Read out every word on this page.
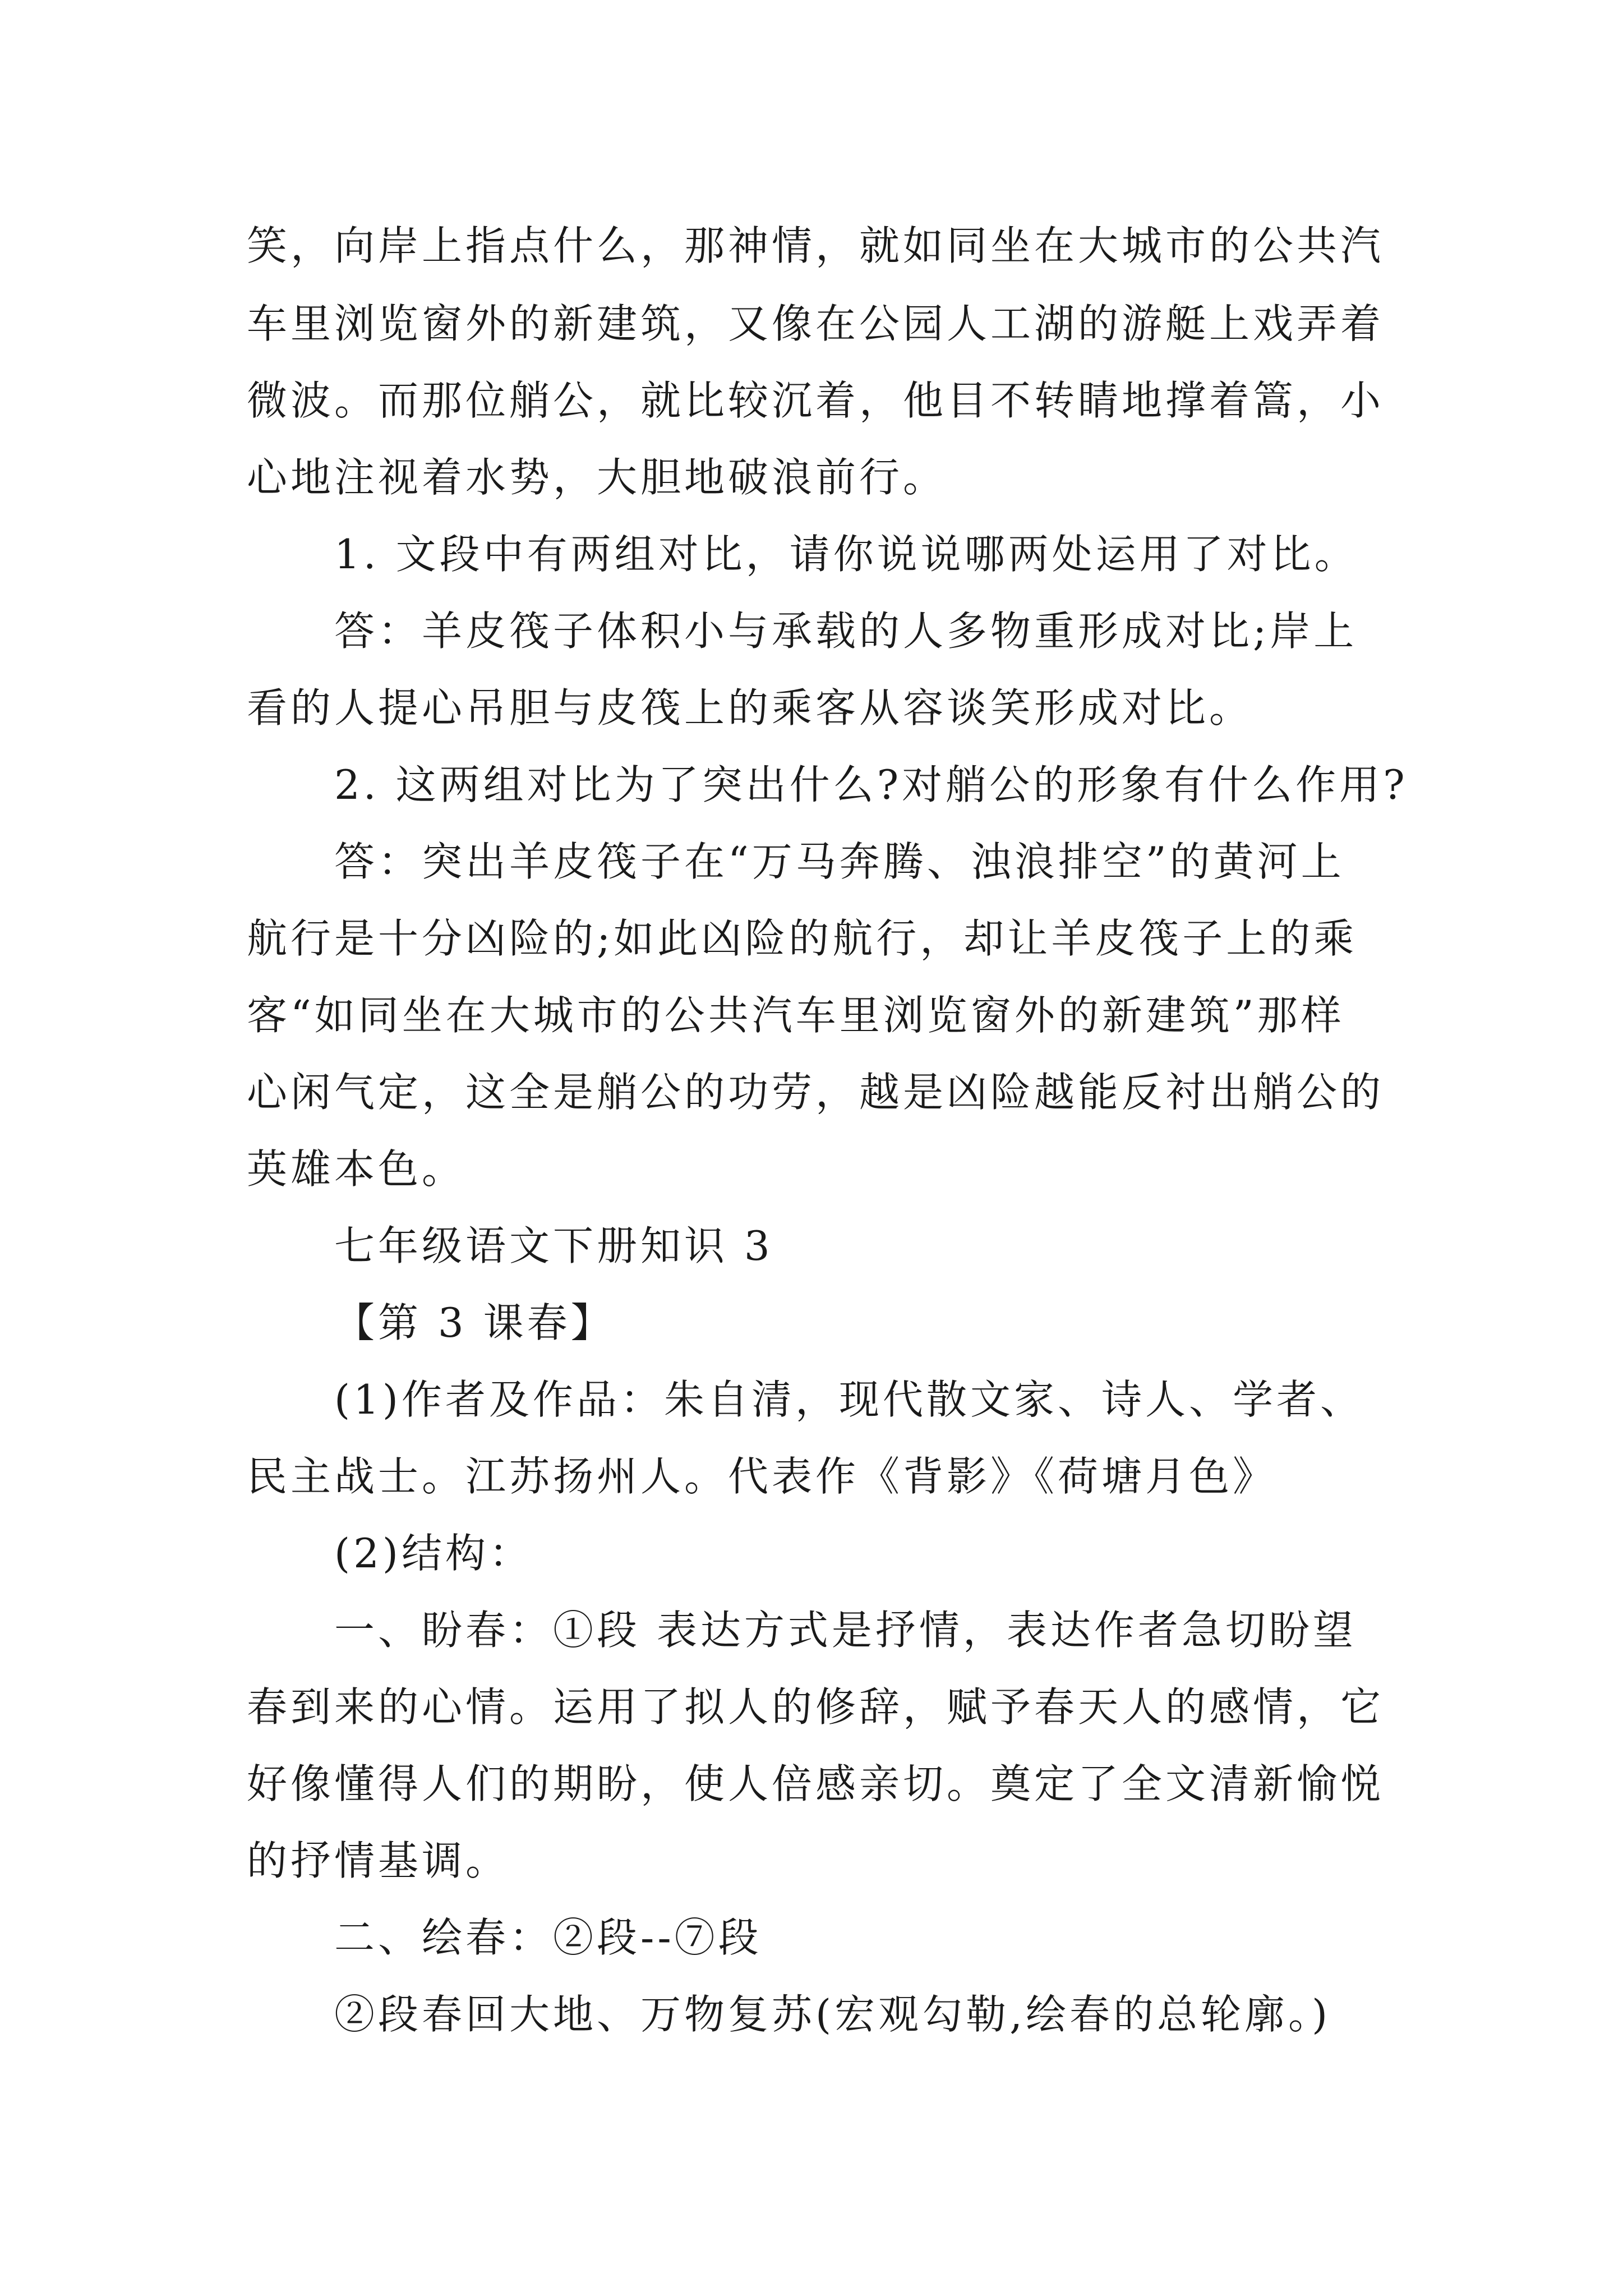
笑，向岸上指点什么，那神情，就如同坐在大城市的公共汽
车里浏览窗外的新建筑，又像在公园人工湖的游艇上戏弄着
微波。而那位艄公，就比较沉着，他目不转睛地撑着篙，小
心地注视着水势，大胆地破浪前行。
1. 文段中有两组对比，请你说说哪两处运用了对比。
答：羊皮筏子体积小与承载的人多物重形成对比;岸上
看的人提心吊胆与皮筏上的乘客从容谈笑形成对比。
2. 这两组对比为了突出什么?对艄公的形象有什么作用?
答：突出羊皮筏子在“万马奔腾、浊浪排空”的黄河上
航行是十分凶险的;如此凶险的航行，却让羊皮筏子上的乘
客“如同坐在大城市的公共汽车里浏览窗外的新建筑”那样
心闲气定，这全是艄公的功劳，越是凶险越能反衬出艄公的
英雄本色。
七年级语文下册知识 3
【第 3 课春】
(1)作者及作品：朱自清，现代散文家、诗人、学者、
民主战士。江苏扬州人。代表作《背影》《荷塘月色》
(2)结构：
一、盼春：①段 表达方式是抒情，表达作者急切盼望
春到来的心情。运用了拟人的修辞，赋予春天人的感情，它
好像懂得人们的期盼，使人倍感亲切。奠定了全文清新愉悦
的抒情基调。
二、绘春：②段--⑦段
②段春回大地、万物复苏(宏观勾勒,绘春的总轮廓。)
